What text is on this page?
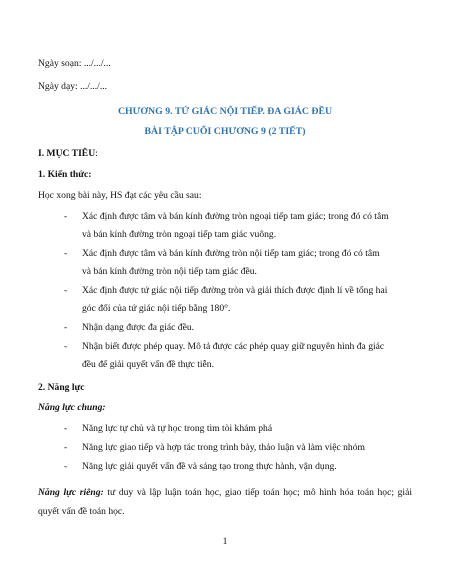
Ngày soạn: .../.../...
Ngày dạy: .../.../...
CHƯƠNG 9. TỨ GIÁC NỘI TIẾP. ĐA GIÁC ĐỀU
BÀI TẬP CUỐI CHƯƠNG 9 (2 TIẾT)
I. MỤC TIÊU:
1. Kiến thức:
Học xong bài này, HS đạt các yêu cầu sau:
- Xác định được tâm và bán kính đường tròn ngoại tiếp tam giác; trong đó có tâm
và bán kính đường tròn ngoại tiếp tam giác vuông.
- Xác định được tâm và bán kính đường tròn nội tiếp tam giác; trong đó có tâm
và bán kính đường tròn nội tiếp tam giác đều.
- Xác định được tứ giác nội tiếp đường tròn và giải thích được định lí về tổng hai
góc đối của tứ giác nội tiếp bằng 180°.
- Nhận dạng được đa giác đều.
- Nhận biết được phép quay. Mô tả được các phép quay giữ nguyên hình đa giác
đều để giải quyết vấn đề thực tiễn.
2. Năng lực
Năng lực chung:
- Năng lực tự chủ và tự học trong tìm tòi khám phá
- Năng lực giao tiếp và hợp tác trong trình bày, thảo luận và làm việc nhóm
- Năng lực giải quyết vấn đề và sáng tạo trong thực hành, vận dụng.
Năng lực riêng: tư duy và lập luận toán học, giao tiếp toán học; mô hình hóa toán học; giải quyết vấn đề toán học.
1
